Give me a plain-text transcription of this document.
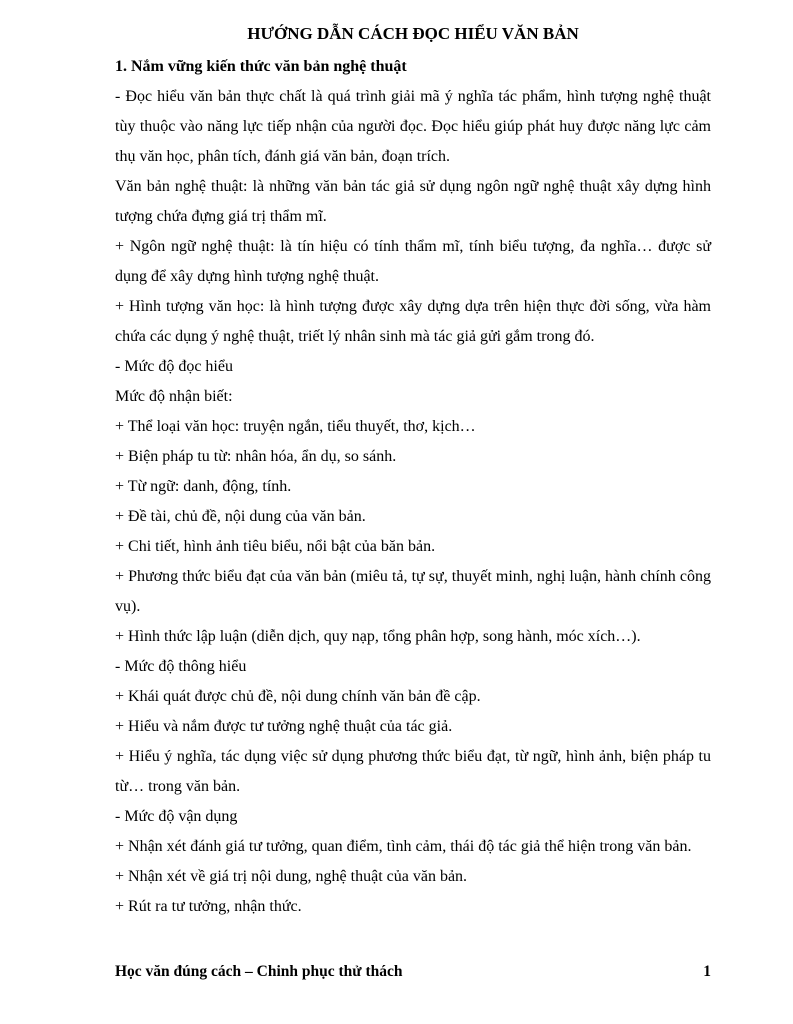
HƯỚNG DẪN CÁCH ĐỌC HIỂU VĂN BẢN

1. Nắm vững kiến thức văn bản nghệ thuật

- Đọc hiểu văn bản thực chất là quá trình giải mã ý nghĩa tác phẩm, hình tượng nghệ thuật tùy thuộc vào năng lực tiếp nhận của người đọc. Đọc hiểu giúp phát huy được năng lực cảm thụ văn học, phân tích, đánh giá văn bản, đoạn trích.

Văn bản nghệ thuật: là những văn bản tác giả sử dụng ngôn ngữ nghệ thuật xây dựng hình tượng chứa đựng giá trị thẩm mĩ.

+ Ngôn ngữ nghệ thuật: là tín hiệu có tính thẩm mĩ, tính biểu tượng, đa nghĩa… được sử dụng để xây dựng hình tượng nghệ thuật.

+ Hình tượng văn học: là hình tượng được xây dựng dựa trên hiện thực đời sống, vừa hàm chứa các dụng ý nghệ thuật, triết lý nhân sinh mà tác giả gửi gắm trong đó.

- Mức độ đọc hiểu

Mức độ nhận biết:

+ Thể loại văn học: truyện ngắn, tiểu thuyết, thơ, kịch…

+ Biện pháp tu từ: nhân hóa, ẩn dụ, so sánh.

+ Từ ngữ: danh, động, tính.

+ Đề tài, chủ đề, nội dung của văn bản.

+ Chi tiết, hình ảnh tiêu biểu, nổi bật của băn bản.

+ Phương thức biểu đạt của văn bản (miêu tả, tự sự, thuyết minh, nghị luận, hành chính công vụ).

+ Hình thức lập luận (diễn dịch, quy nạp, tổng phân hợp, song hành, móc xích…).

- Mức độ thông hiểu

+ Khái quát được chủ đề, nội dung chính văn bản đề cập.

+ Hiểu và nắm được tư tưởng nghệ thuật của tác giả.

+ Hiểu ý nghĩa, tác dụng việc sử dụng phương thức biểu đạt, từ ngữ, hình ảnh, biện pháp tu từ… trong văn bản.

- Mức độ vận dụng

+ Nhận xét đánh giá tư tưởng, quan điểm, tình cảm, thái độ tác giả thể hiện trong văn bản.

+ Nhận xét về giá trị nội dung, nghệ thuật của văn bản.

+ Rút ra tư tưởng, nhận thức.

Học văn đúng cách – Chinh phục thử thách	1
